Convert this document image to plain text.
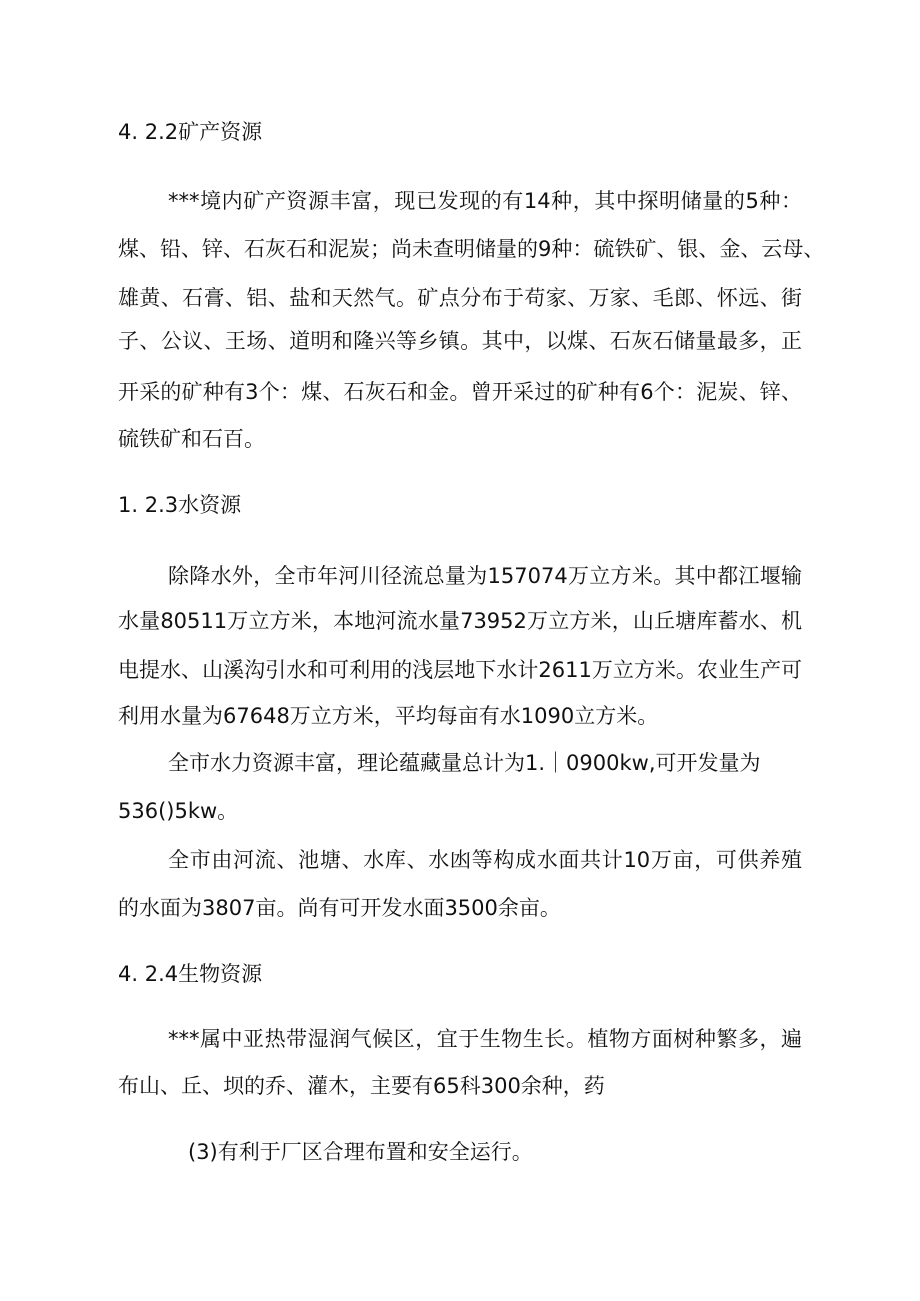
4. 2.2矿产资源
***境内矿产资源丰富，现已发现的有14种，其中探明储量的5种：
煤、铅、锌、石灰石和泥炭；尚未查明储量的9种：硫铁矿、银、金、云母、
雄黄、石膏、铝、盐和天然气。矿点分布于苟家、万家、毛郎、怀远、街
子、公议、王场、道明和隆兴等乡镇。其中，以煤、石灰石储量最多，正
开采的矿种有3个：煤、石灰石和金。曾开采过的矿种有6个：泥炭、锌、
硫铁矿和石百。
1. 2.3水资源
除降水外，全市年河川径流总量为157074万立方米。其中都江堰输
水量80511万立方米，本地河流水量73952万立方米，山丘塘库蓄水、机
电提水、山溪沟引水和可利用的浅层地下水计2611万立方米。农业生产可
利用水量为67648万立方米，平均每亩有水1090立方米。
全市水力资源丰富，理论蕴藏量总计为1.｜0900kw,可开发量为
536()5kw。
全市由河流、池塘、水库、水凼等构成水面共计10万亩，可供养殖
的水面为3807亩。尚有可开发水面3500余亩。
4. 2.4生物资源
***属中亚热带湿润气候区，宜于生物生长。植物方面树种繁多，遍
布山、丘、坝的乔、灌木，主要有65科300余种，药
(3)有利于厂区合理布置和安全运行。
